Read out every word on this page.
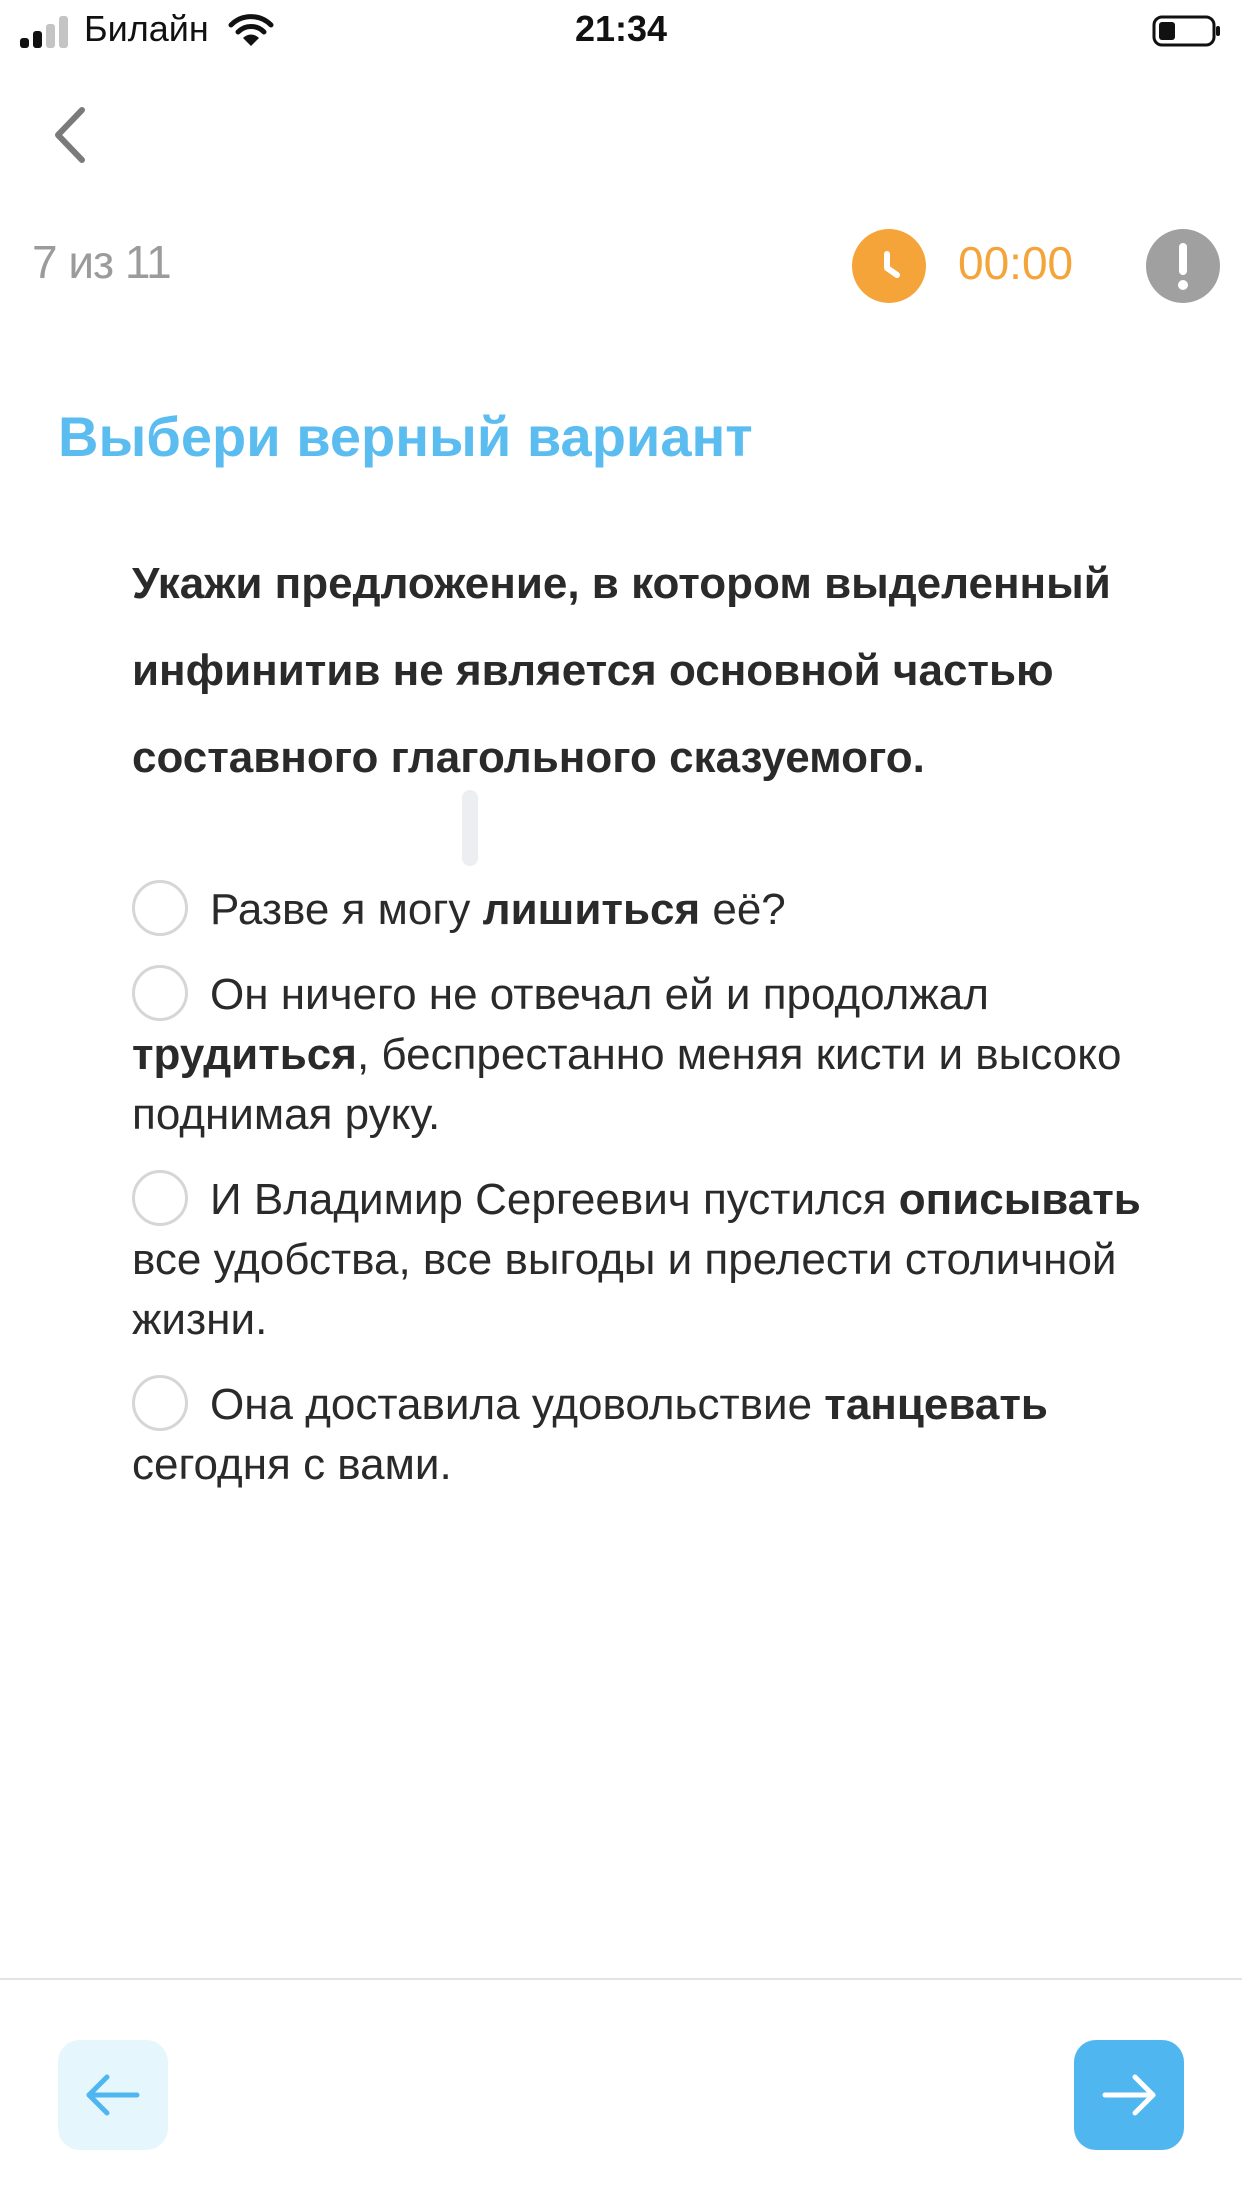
Билайн	21:34
7 из 11	00:00
Выбери верный вариант
Укажи предложение, в котором выделенный инфинитив не является основной частью составного глагольного сказуемого.
Разве я могу лишиться её?
Он ничего не отвечал ей и продолжал трудиться, беспрестанно меняя кисти и высоко поднимая руку.
И Владимир Сергеевич пустился описывать все удобства, все выгоды и прелести столичной жизни.
Она доставила удовольствие танцевать сегодня с вами.
